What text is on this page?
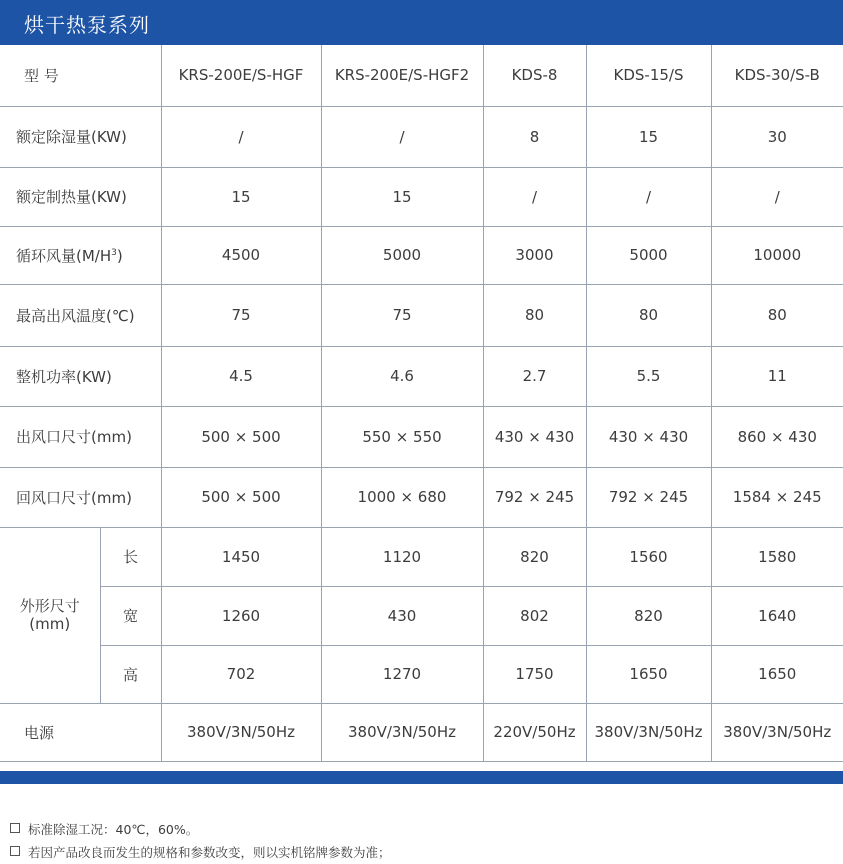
烘干热泵系列
型 号		KRS-200E/S-HGF	KRS-200E/S-HGF2	KDS-8	KDS-15/S	KDS-30/S-B
额定除湿量(KW)		/	/	8	15	30
额定制热量(KW)		15	15	/	/	/
循环风量$(M/H^3)$		4500	5000	3000	5000	10000
最高出风温度(℃)		75	75	80	80	80
整机功率(KW)		4.5	4.6	2.7	5.5	11
出风口尺寸(mm)		500 × 500	550 × 550	430 × 430	430 × 430	860 × 430
回风口尺寸(mm)		500 × 500	1000 × 680	792 × 245	792 × 245	1584 × 245

外形尺寸
(mm)	长	1450	1120	820	1560	1580
	宽	1260	430	802	820	1640
	高	702	1270	1750	1650	1650
电源		380V/3N/50Hz	380V/3N/50Hz	220V/50Hz	380V/3N/50Hz	380V/3N/50Hz
标准除湿工况：40℃，60%。
若因产品改良而发生的规格和参数改变，则以实机铭牌参数为准；
